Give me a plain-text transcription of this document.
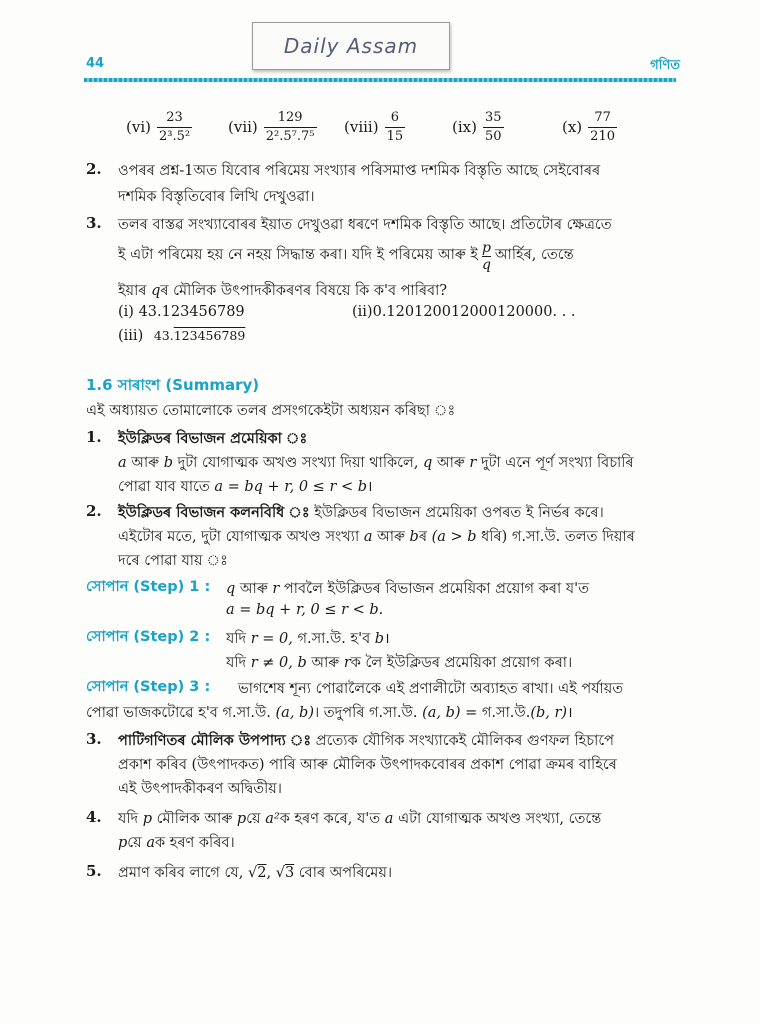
Daily Assam
44	গণিত
$(vi) \frac{23}{\text{2³.5²}} (vii) \frac{129}{\text{2².5⁷.7⁵}}$ (viii) $\frac{6}{15}$	$(ix) \frac{35}{50}$	$(x) \frac{77}{210}$
2. ওপৰৰ প্ৰশ্ন-1অত যিবোৰ পৰিমেয় সংখ্যাৰ পৰিসমাপ্ত দশমিক বিস্তৃতি আছে সেইবোৰৰ
দশমিক বিস্তৃতিবোৰ লিখি দেখুওৱা।
3. তলৰ বাস্তৱ সংখ্যাবোৰৰ ইয়াত দেখুওৱা ধৰণে দশমিক বিস্তৃতি আছে। প্ৰতিটোৰ ক্ষেত্ৰতে
ই এটা পৰিমেয় হয় নে নহয় সিদ্ধান্ত কৰা। যদি ই পৰিমেয় আৰু ই p
q
আৰ্হিৰ, তেন্তে
ইয়াৰ qৰ মৌলিক উৎপাদকীকৰণৰ বিষয়ে কি ক'ব পাৰিবা?
(i) 43.123456789	(ii)0.120120012000120000. . .
(iii) 43.123456789
1.6 সাৰাংশ (Summary)
এই অধ্যায়ত তোমালোকে তলৰ প্ৰসংগকেইটা অধ্যয়ন কৰিছা ঃ
1. ইউক্লিডৰ বিভাজন প্ৰমেয়িকা ঃ
a আৰু b দুটা যোগাত্মক অখণ্ড সংখ্যা দিয়া থাকিলে, q আৰু r দুটা এনে পূৰ্ণ সংখ্যা বিচাৰি
পোৱা যাব যাতে a = bq + r, 0 ≤ r < b।
2. ইউক্লিডৰ বিভাজন কলনবিধি ঃ ইউক্লিডৰ বিভাজন প্ৰমেয়িকা ওপৰত ই নিৰ্ভৰ কৰে।
এইটোৰ মতে, দুটা যোগাত্মক অখণ্ড সংখ্যা a আৰু bৰ (a > b ধৰি) গ.সা.উ. তলত দিয়াৰ
দৰে পোৱা যায় ঃ
সোপান (Step) 1 : q আৰু r পাবলৈ ইউক্লিডৰ বিভাজন প্ৰমেয়িকা প্ৰয়োগ কৰা য'ত
a = bq + r, 0 ≤ r < b.
সোপান (Step) 2 : যদি r = 0, গ.সা.উ. হ'ব b।
যদি r ≠ 0, b আৰু rক লৈ ইউক্লিডৰ প্ৰমেয়িকা প্ৰয়োগ কৰা।
সোপান (Step) 3 : ভাগশেষ শূন্য পোৱালৈকে এই প্ৰণালীটো অব্যাহত ৰাখা। এই পৰ্যায়ত
পোৱা ভাজকটোৱে হ'ব গ.সা.উ. (a, b)। তদুপৰি গ.সা.উ. (a, b) = গ.সা.উ.(b, r)।
3. পাটিগণিতৰ মৌলিক উপপাদ্য ঃ প্ৰত্যেক যৌগিক সংখ্যাকেই মৌলিকৰ গুণফল হিচাপে
প্ৰকাশ কৰিব (উৎপাদকত) পাৰি আৰু মৌলিক উৎপাদকবোৰৰ প্ৰকাশ পোৱা ক্ৰমৰ বাহিৰে
এই উৎপাদকীকৰণ অদ্বিতীয়।
4. যদি p মৌলিক আৰু pয়ে a²ক হৰণ কৰে, য'ত a এটা যোগাত্মক অখণ্ড সংখ্যা, তেন্তে
pয়ে aক হৰণ কৰিব।
5. প্ৰমাণ কৰিব লাগে যে, √2, √3 বোৰ অপৰিমেয়।
